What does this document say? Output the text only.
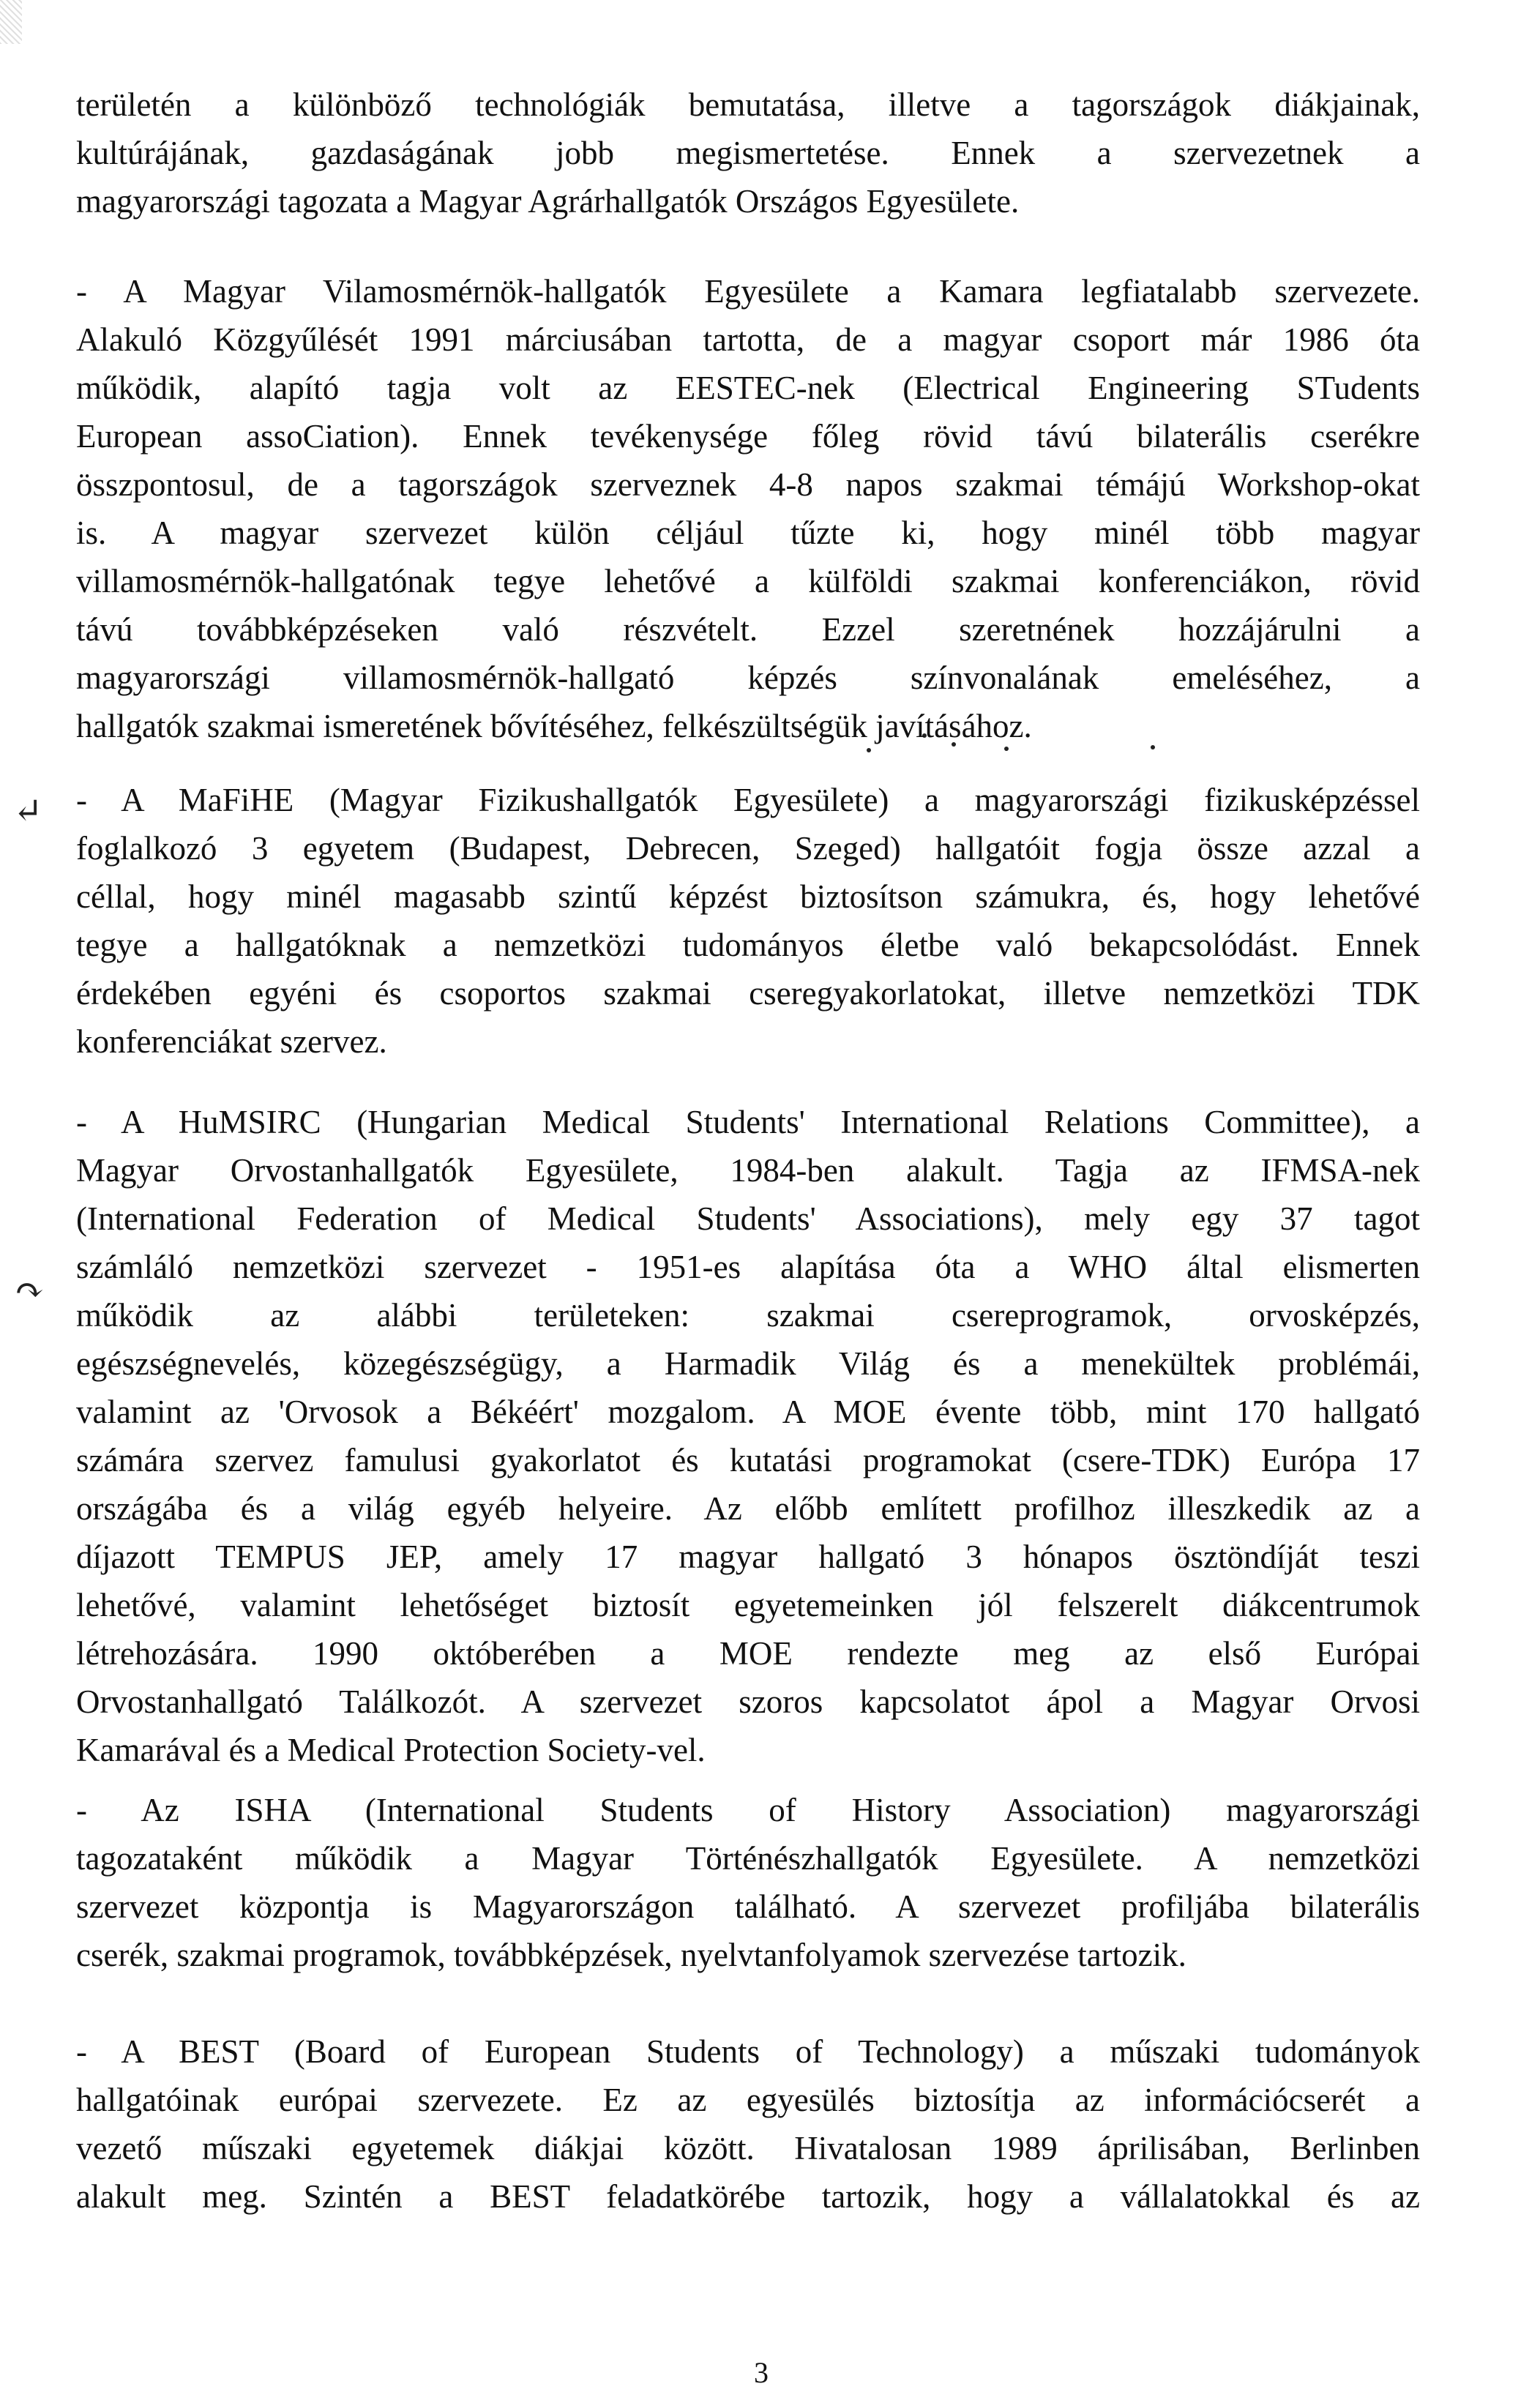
↵
↷
területén a különböző technológiák bemutatása, illetve a tagországok diákjainak,
kultúrájának, gazdaságának jobb megismertetése. Ennek a szervezetnek a
magyarországi tagozata a Magyar Agrárhallgatók Országos Egyesülete.
- A Magyar Vilamosmérnök-hallgatók Egyesülete a Kamara legfiatalabb szervezete.
Alakuló Közgyűlését 1991 márciusában tartotta, de a magyar csoport már 1986 óta
működik, alapító tagja volt az EESTEC-nek (Electrical Engineering STudents
European assoCiation). Ennek tevékenysége főleg rövid távú bilaterális cserékre
összpontosul, de a tagországok szerveznek 4-8 napos szakmai témájú Workshop-okat
is. A magyar szervezet külön céljául tűzte ki, hogy minél több magyar
villamosmérnök-hallgatónak tegye lehetővé a külföldi szakmai konferenciákon, rövid
távú továbbképzéseken való részvételt. Ezzel szeretnének hozzájárulni a
magyarországi villamosmérnök-hallgató képzés színvonalának emeléséhez, a
hallgatók szakmai ismeretének bővítéséhez, felkészültségük javításához.
- A MaFiHE (Magyar Fizikushallgatók Egyesülete) a magyarországi fizikusképzéssel
foglalkozó 3 egyetem (Budapest, Debrecen, Szeged) hallgatóit fogja össze azzal a
céllal, hogy minél magasabb szintű képzést biztosítson számukra, és, hogy lehetővé
tegye a hallgatóknak a nemzetközi tudományos életbe való bekapcsolódást. Ennek
érdekében egyéni és csoportos szakmai cseregyakorlatokat, illetve nemzetközi TDK
konferenciákat szervez.
- A HuMSIRC (Hungarian Medical Students' International Relations Committee), a
Magyar Orvostanhallgatók Egyesülete, 1984-ben alakult. Tagja az IFMSA-nek
(International Federation of Medical Students' Associations), mely egy 37 tagot
számláló nemzetközi szervezet - 1951-es alapítása óta a WHO által elismerten
működik az alábbi területeken: szakmai csereprogramok, orvosképzés,
egészségnevelés, közegészségügy, a Harmadik Világ és a menekültek problémái,
valamint az 'Orvosok a Békéért' mozgalom. A MOE évente több, mint 170 hallgató
számára szervez famulusi gyakorlatot és kutatási programokat (csere-TDK) Európa 17
országába és a világ egyéb helyeire. Az előbb említett profilhoz illeszkedik az a
díjazott TEMPUS JEP, amely 17 magyar hallgató 3 hónapos ösztöndíját teszi
lehetővé, valamint lehetőséget biztosít egyetemeinken jól felszerelt diákcentrumok
létrehozására. 1990 októberében a MOE rendezte meg az első Európai
Orvostanhallgató Találkozót. A szervezet szoros kapcsolatot ápol a Magyar Orvosi
Kamarával és a Medical Protection Society-vel.
- Az ISHA (International Students of History Association) magyarországi
tagozataként működik a Magyar Történészhallgatók Egyesülete. A nemzetközi
szervezet központja is Magyarországon található. A szervezet profiljába bilaterális
cserék, szakmai programok, továbbképzések, nyelvtanfolyamok szervezése tartozik.
- A BEST (Board of European Students of Technology) a műszaki tudományok
hallgatóinak európai szervezete. Ez az egyesülés biztosítja az információcserét a
vezető műszaki egyetemek diákjai között. Hivatalosan 1989 áprilisában, Berlinben
alakult meg. Szintén a BEST feladatkörébe tartozik, hogy a vállalatokkal és az
3
